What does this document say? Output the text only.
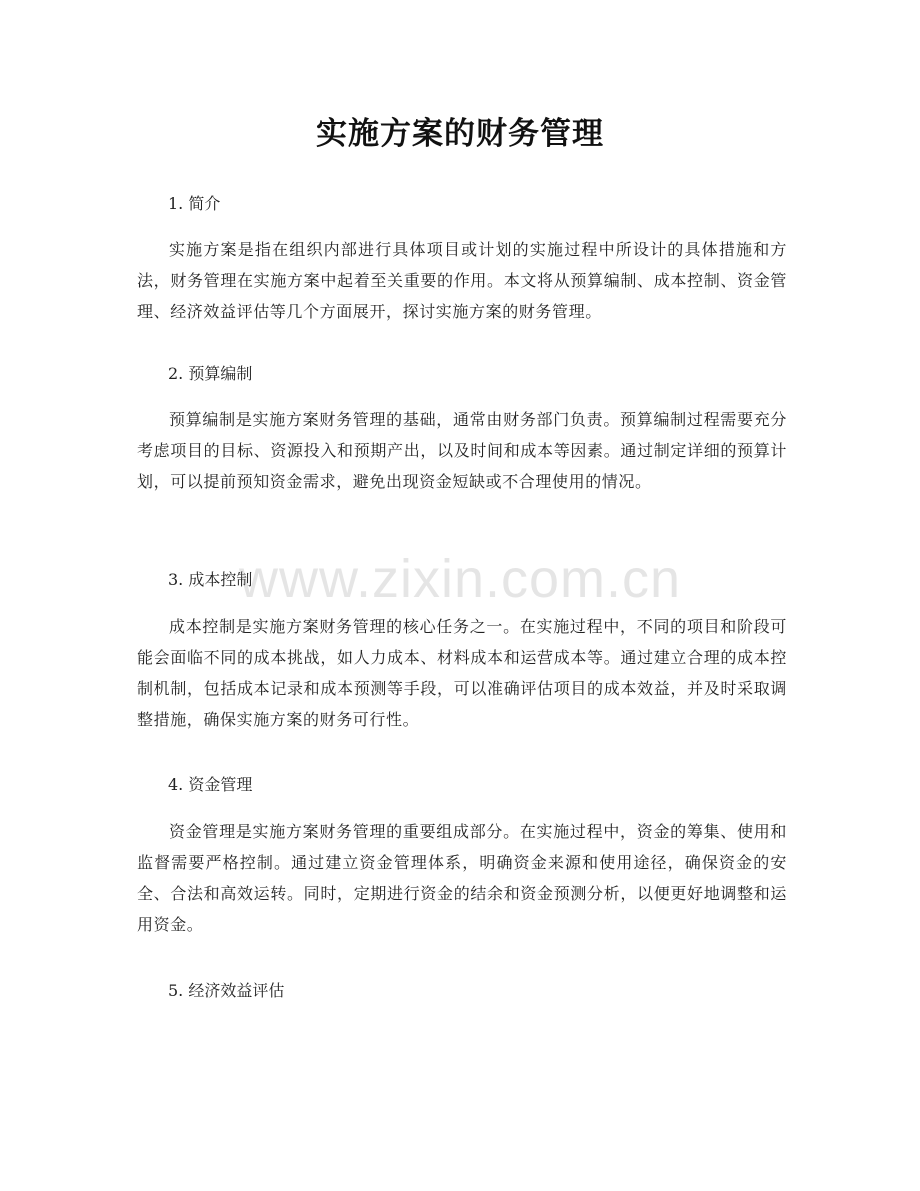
实施方案的财务管理
1. 简介

实施方案是指在组织内部进行具体项目或计划的实施过程中所设计的具体措施和方法，财务管理在实施方案中起着至关重要的作用。本文将从预算编制、成本控制、资金管理、经济效益评估等几个方面展开，探讨实施方案的财务管理。

2. 预算编制

预算编制是实施方案财务管理的基础，通常由财务部门负责。预算编制过程需要充分考虑项目的目标、资源投入和预期产出，以及时间和成本等因素。通过制定详细的预算计划，可以提前预知资金需求，避免出现资金短缺或不合理使用的情况。

3. 成本控制

成本控制是实施方案财务管理的核心任务之一。在实施过程中，不同的项目和阶段可能会面临不同的成本挑战，如人力成本、材料成本和运营成本等。通过建立合理的成本控制机制，包括成本记录和成本预测等手段，可以准确评估项目的成本效益，并及时采取调整措施，确保实施方案的财务可行性。

4. 资金管理

资金管理是实施方案财务管理的重要组成部分。在实施过程中，资金的筹集、使用和监督需要严格控制。通过建立资金管理体系，明确资金来源和使用途径，确保资金的安全、合法和高效运转。同时，定期进行资金的结余和资金预测分析，以便更好地调整和运用资金。

5. 经济效益评估
www.zixin.com.cn
